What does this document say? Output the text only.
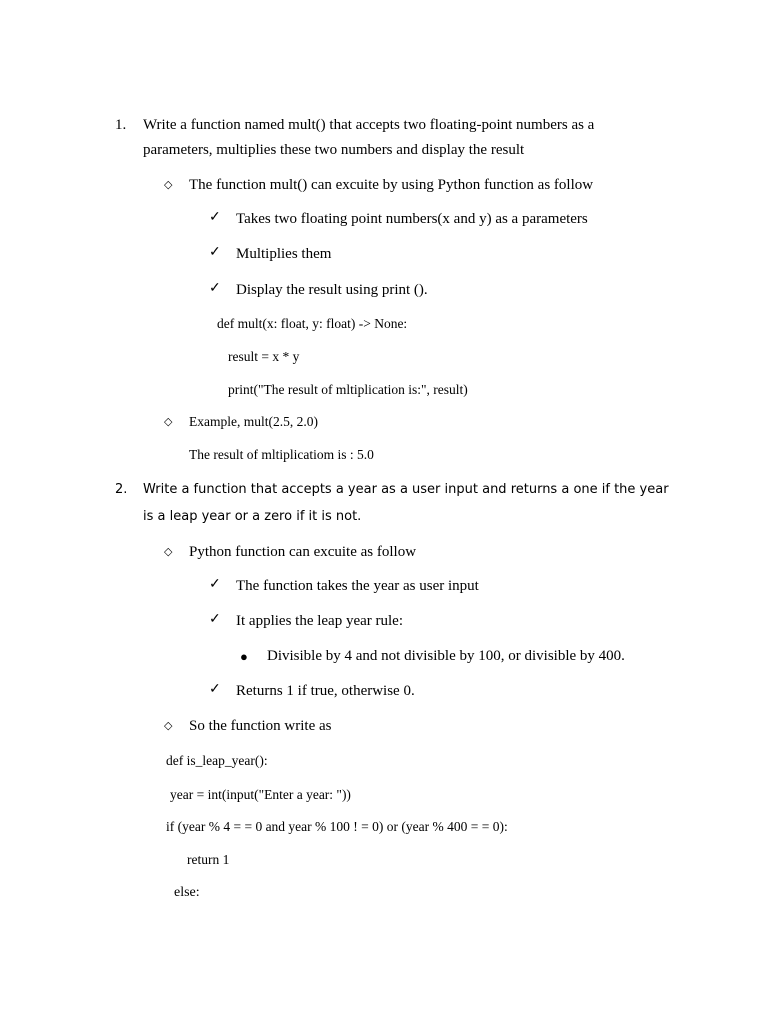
1. Write a function named mult() that accepts two floating-point numbers as a
parameters, multiplies these two numbers and display the result
◇ The function mult() can excuite by using Python function as follow
✓ Takes two floating point numbers(x and y) as a parameters
✓ Multiplies them
✓ Display the result using print ().
def mult(x: float, y: float) -> None:
result = x * y
print("The result of mltiplication is:", result)
◇ Example, mult(2.5, 2.0)
The result of mltiplicatiom is : 5.0
2. Write a function that accepts a year as a user input and returns a one if the year
is a leap year or a zero if it is not.
◇ Python function can excuite as follow
✓ The function takes the year as user input
✓ It applies the leap year rule:
● Divisible by 4 and not divisible by 100, or divisible by 400.
✓ Returns 1 if true, otherwise 0.
◇ So the function write as
def is_leap_year():
year = int(input("Enter a year: "))
if (year % 4 = = 0 and year % 100 ! = 0) or (year % 400 = = 0):
return 1
else:
